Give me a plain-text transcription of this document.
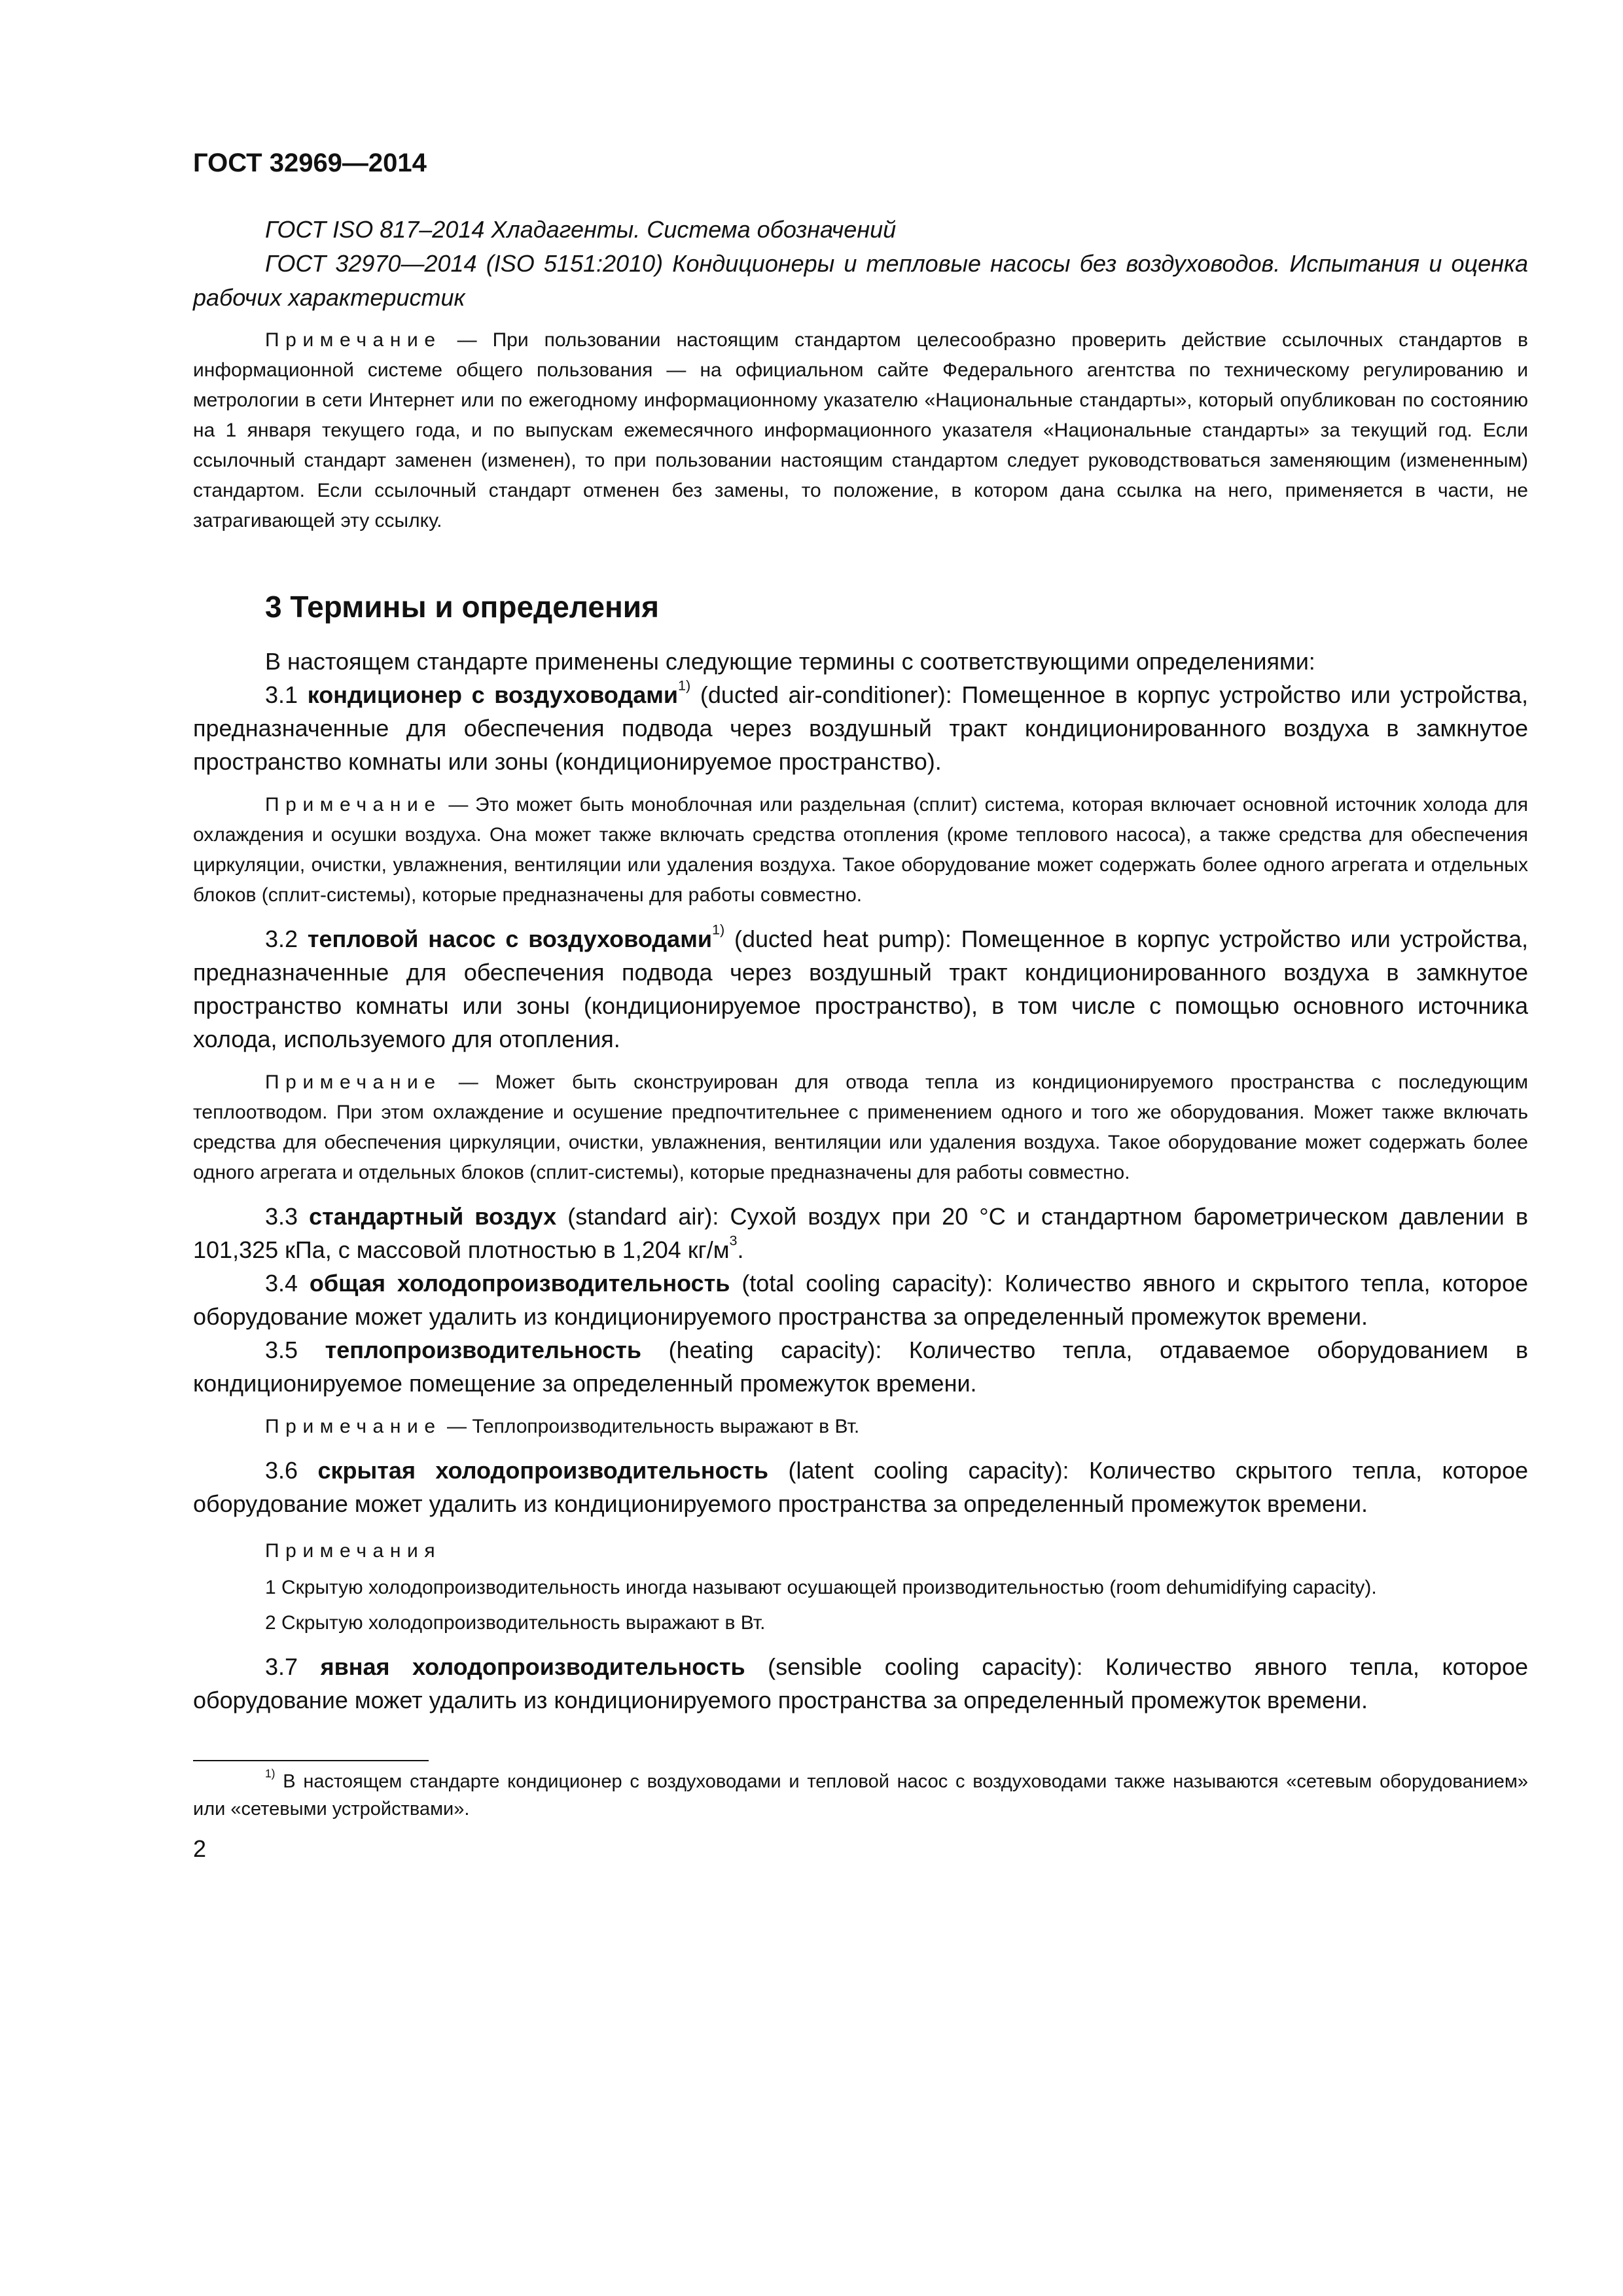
ГОСТ 32969—2014

ГОСТ ISO 817–2014 Хладагенты. Система обозначений

ГОСТ 32970—2014 (ISO 5151:2010) Кондиционеры и тепловые насосы без воздуховодов. Испытания и оценка рабочих характеристик

Примечание — При пользовании настоящим стандартом целесообразно проверить действие ссылочных стандартов в информационной системе общего пользования — на официальном сайте Федерального агентства по техническому регулированию и метрологии в сети Интернет или по ежегодному информационному указателю «Национальные стандарты», который опубликован по состоянию на 1 января текущего года, и по выпускам ежемесячного информационного указателя «Национальные стандарты» за текущий год. Если ссылочный стандарт заменен (изменен), то при пользовании настоящим стандартом следует руководствоваться заменяющим (измененным) стандартом. Если ссылочный стандарт отменен без замены, то положение, в котором дана ссылка на него, применяется в части, не затрагивающей эту ссылку.

3 Термины и определения

В настоящем стандарте применены следующие термины с соответствующими определениями:

3.1 кондиционер с воздуховодами$^{1)}$ (ducted air-conditioner): Помещенное в корпус устройство или устройства, предназначенные для обеспечения подвода через воздушный тракт кондиционированного воздуха в замкнутое пространство комнаты или зоны (кондиционируемое пространство).

Примечание — Это может быть моноблочная или раздельная (сплит) система, которая включает основной источник холода для охлаждения и осушки воздуха. Она может также включать средства отопления (кроме теплового насоса), а также средства для обеспечения циркуляции, очистки, увлажнения, вентиляции или удаления воздуха. Такое оборудование может содержать более одного агрегата и отдельных блоков (сплит-системы), которые предназначены для работы совместно.

3.2 тепловой насос с воздуховодами$^{1)}$ (ducted heat pump): Помещенное в корпус устройство или устройства, предназначенные для обеспечения подвода через воздушный тракт кондиционированного воздуха в замкнутое пространство комнаты или зоны (кондиционируемое пространство), в том числе с помощью основного источника холода, используемого для отопления.

Примечание — Может быть сконструирован для отвода тепла из кондиционируемого пространства с последующим теплоотводом. При этом охлаждение и осушение предпочтительнее с применением одного и того же оборудования. Может также включать средства для обеспечения циркуляции, очистки, увлажнения, вентиляции или удаления воздуха. Такое оборудование может содержать более одного агрегата и отдельных блоков (сплит-системы), которые предназначены для работы совместно.

3.3 стандартный воздух (standard air): Сухой воздух при 20 °С и стандартном барометрическом давлении в 101,325 кПа, с массовой плотностью в 1,204 $кг/м^3$.

3.4 общая холодопроизводительность (total cooling capacity): Количество явного и скрытого тепла, которое оборудование может удалить из кондиционируемого пространства за определенный промежуток времени.

3.5 теплопроизводительность (heating capacity): Количество тепла, отдаваемое оборудованием в кондиционируемое помещение за определенный промежуток времени.

Примечание — Теплопроизводительность выражают в Вт.

3.6 скрытая холодопроизводительность (latent cooling capacity): Количество скрытого тепла, которое оборудование может удалить из кондиционируемого пространства за определенный промежуток времени.

Примечания

1 Скрытую холодопроизводительность иногда называют осушающей производительностью (room dehumidifying capacity).

2 Скрытую холодопроизводительность выражают в Вт.

3.7 явная холодопроизводительность (sensible cooling capacity): Количество явного тепла, которое оборудование может удалить из кондиционируемого пространства за определенный промежуток времени.

$^{1)}$ В настоящем стандарте кондиционер с воздуховодами и тепловой насос с воздуховодами также называются «сетевым оборудованием» или «сетевыми устройствами».

2
